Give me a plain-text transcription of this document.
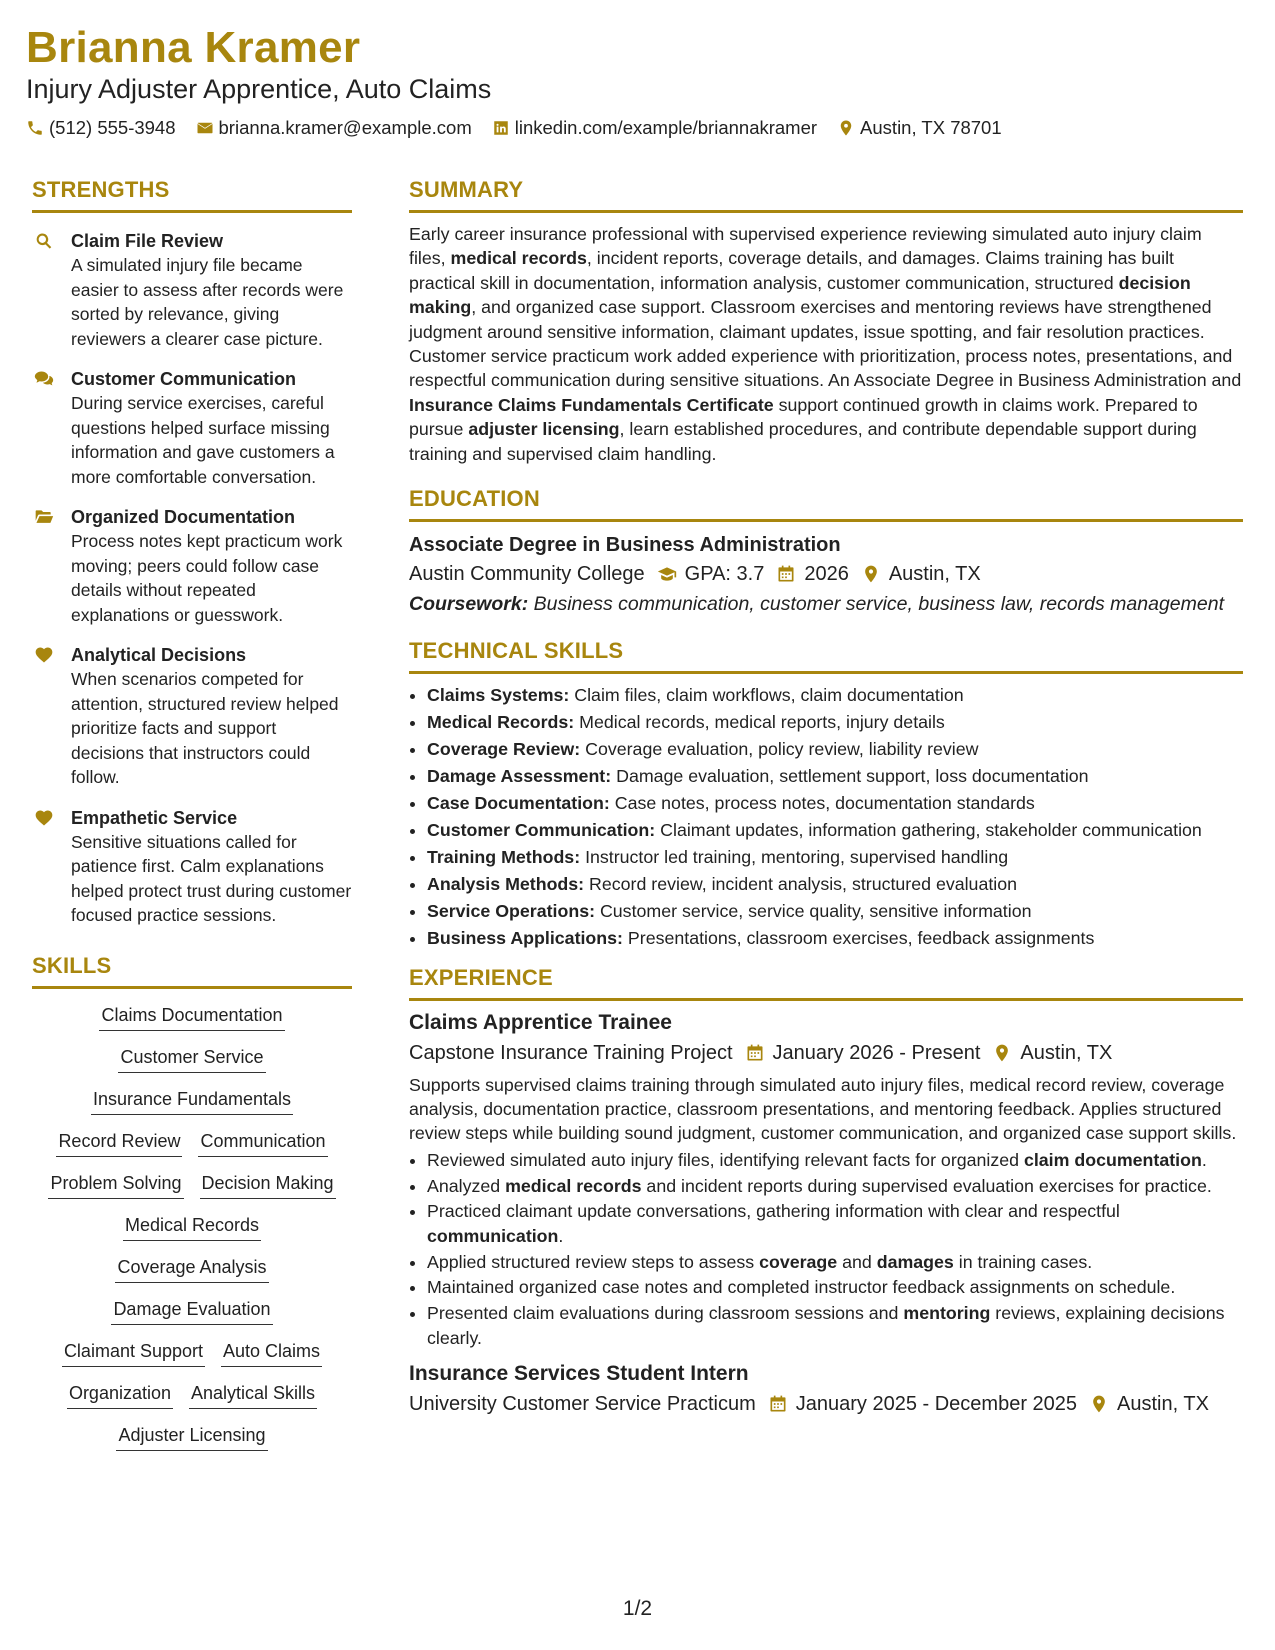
Brianna Kramer
Injury Adjuster Apprentice, Auto Claims
(512) 555-3948 brianna.kramer@example.com linkedin.com/example/briannakramer Austin, TX 78701
STRENGTHS
Claim File Review
A simulated injury file became easier to assess after records were sorted by relevance, giving reviewers a clearer case picture.
Customer Communication
During service exercises, careful questions helped surface missing information and gave customers a more comfortable conversation.
Organized Documentation
Process notes kept practicum work moving; peers could follow case details without repeated explanations or guesswork.
Analytical Decisions
When scenarios competed for attention, structured review helped prioritize facts and support decisions that instructors could follow.
Empathetic Service
Sensitive situations called for patience first. Calm explanations helped protect trust during customer focused practice sessions.
SKILLS
Claims Documentation
Customer Service
Insurance Fundamentals
Record Review Communication
Problem Solving Decision Making
Medical Records
Coverage Analysis
Damage Evaluation
Claimant Support Auto Claims
Organization Analytical Skills
Adjuster Licensing
SUMMARY
Early career insurance professional with supervised experience reviewing simulated auto injury claim files, medical records, incident reports, coverage details, and damages. Claims training has built practical skill in documentation, information analysis, customer communication, structured decision making, and organized case support. Classroom exercises and mentoring reviews have strengthened judgment around sensitive information, claimant updates, issue spotting, and fair resolution practices. Customer service practicum work added experience with prioritization, process notes, presentations, and respectful communication during sensitive situations. An Associate Degree in Business Administration and Insurance Claims Fundamentals Certificate support continued growth in claims work. Prepared to pursue adjuster licensing, learn established procedures, and contribute dependable support during training and supervised claim handling.
EDUCATION
Associate Degree in Business Administration
Austin Community College GPA: 3.7 2026 Austin, TX
Coursework: Business communication, customer service, business law, records management
TECHNICAL SKILLS
• Claims Systems: Claim files, claim workflows, claim documentation
• Medical Records: Medical records, medical reports, injury details
• Coverage Review: Coverage evaluation, policy review, liability review
• Damage Assessment: Damage evaluation, settlement support, loss documentation
• Case Documentation: Case notes, process notes, documentation standards
• Customer Communication: Claimant updates, information gathering, stakeholder communication
• Training Methods: Instructor led training, mentoring, supervised handling
• Analysis Methods: Record review, incident analysis, structured evaluation
• Service Operations: Customer service, service quality, sensitive information
• Business Applications: Presentations, classroom exercises, feedback assignments
EXPERIENCE
Claims Apprentice Trainee
Capstone Insurance Training Project January 2026 - Present Austin, TX
Supports supervised claims training through simulated auto injury files, medical record review, coverage analysis, documentation practice, classroom presentations, and mentoring feedback. Applies structured review steps while building sound judgment, customer communication, and organized case support skills.
• Reviewed simulated auto injury files, identifying relevant facts for organized claim documentation.
• Analyzed medical records and incident reports during supervised evaluation exercises for practice.
• Practiced claimant update conversations, gathering information with clear and respectful communication.
• Applied structured review steps to assess coverage and damages in training cases.
• Maintained organized case notes and completed instructor feedback assignments on schedule.
• Presented claim evaluations during classroom sessions and mentoring reviews, explaining decisions clearly.
Insurance Services Student Intern
University Customer Service Practicum January 2025 - December 2025 Austin, TX
1/2
